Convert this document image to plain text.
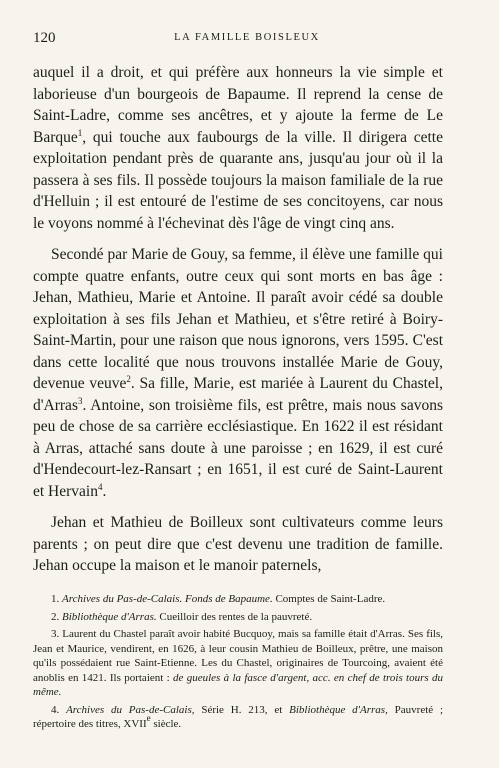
120	LA FAMILLE BOISLEUX

auquel il a droit, et qui préfère aux honneurs la vie simple et laborieuse d'un bourgeois de Bapaume. Il reprend la cense de Saint-Ladre, comme ses ancêtres, et y ajoute la ferme de Le Barque$^1$, qui touche aux faubourgs de la ville. Il dirigera cette exploitation pendant près de quarante ans, jusqu'au jour où il la passera à ses fils. Il possède toujours la maison familiale de la rue d'Helluin ; il est entouré de l'estime de ses concitoyens, car nous le voyons nommé à l'échevinat dès l'âge de vingt cinq ans.

Secondé par Marie de Gouy, sa femme, il élève une famille qui compte quatre enfants, outre ceux qui sont morts en bas âge : Jehan, Mathieu, Marie et Antoine. Il paraît avoir cédé sa double exploitation à ses fils Jehan et Mathieu, et s'être retiré à Boiry-Saint-Martin, pour une raison que nous ignorons, vers 1595. C'est dans cette localité que nous trouvons installée Marie de Gouy, devenue veuve$^2$. Sa fille, Marie, est mariée à Laurent du Chastel, d'Arras$^3$. Antoine, son troisième fils, est prêtre, mais nous savons peu de chose de sa carrière ecclésiastique. En 1622 il est résidant à Arras, attaché sans doute à une paroisse ; en 1629, il est curé d'Hendecourt-lez-Ransart ; en 1651, il est curé de Saint-Laurent et Hervain$^4$.

Jehan et Mathieu de Boilleux sont cultivateurs comme leurs parents ; on peut dire que c'est devenu une tradition de famille. Jehan occupe la maison et le manoir paternels,

1. Archives du Pas-de-Calais. Fonds de Bapaume. Comptes de Saint-Ladre.

2. Bibliothèque d'Arras. Cueilloir des rentes de la pauvreté.

3. Laurent du Chastel paraît avoir habité Bucquoy, mais sa famille était d'Arras. Ses fils, Jean et Maurice, vendirent, en 1626, à leur cousin Mathieu de Boilleux, prêtre, une maison qu'ils possédaient rue Saint-Etienne. Les du Chastel, originaires de Tourcoing, avaient été anoblis en 1421. Ils portaient : de gueules à la fasce d'argent, acc. en chef de trois tours du même.

4. Archives du Pas-de-Calais, Série H. 213, et Bibliothèque d'Arras, Pauvreté ; répertoire des titres, XVIIe siècle.
